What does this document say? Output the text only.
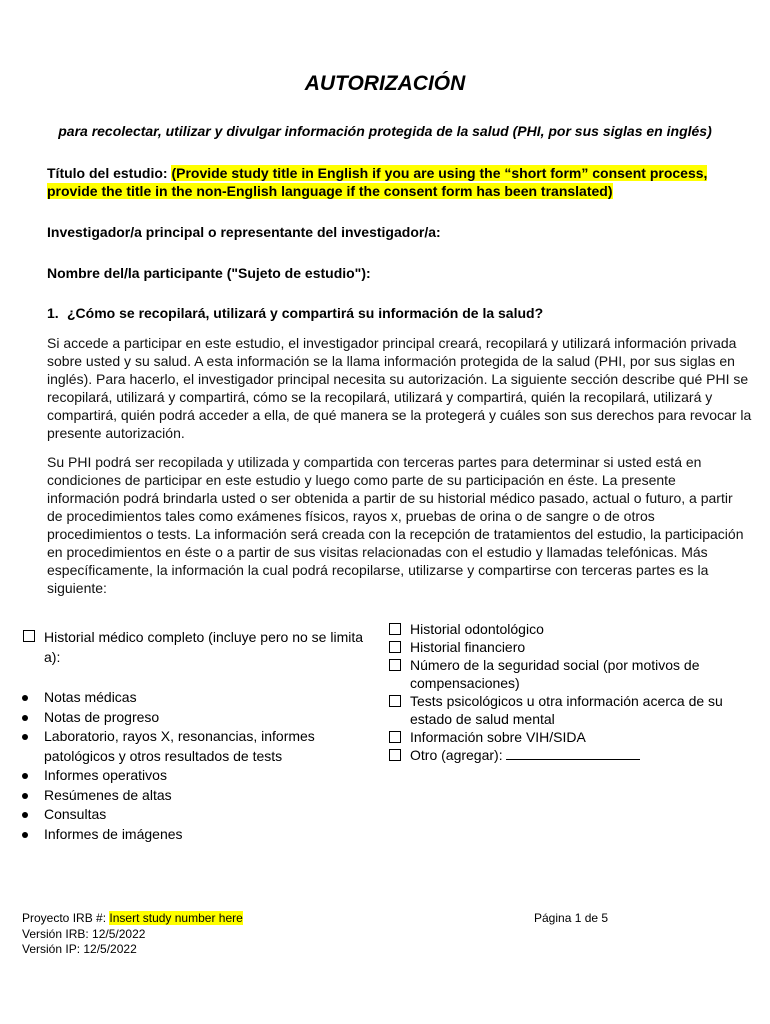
AUTORIZACIÓN
para recolectar, utilizar y divulgar información protegida de la salud (PHI, por sus siglas en inglés)
Título del estudio: (Provide study title in English if you are using the “short form” consent process, provide the title in the non-English language if the consent form has been translated)
Investigador/a principal o representante del investigador/a:
Nombre del/la participante ("Sujeto de estudio"):
1. ¿Cómo se recopilará, utilizará y compartirá su información de la salud?
Si accede a participar en este estudio, el investigador principal creará, recopilará y utilizará información privada sobre usted y su salud. A esta información se la llama información protegida de la salud (PHI, por sus siglas en inglés). Para hacerlo, el investigador principal necesita su autorización. La siguiente sección describe qué PHI se recopilará, utilizará y compartirá, cómo se la recopilará, utilizará y compartirá, quién la recopilará, utilizará y compartirá, quién podrá acceder a ella, de qué manera se la protegerá y cuáles son sus derechos para revocar la presente autorización.
Su PHI podrá ser recopilada y utilizada y compartida con terceras partes para determinar si usted está en condiciones de participar en este estudio y luego como parte de su participación en éste. La presente información podrá brindarla usted o ser obtenida a partir de su historial médico pasado, actual o futuro, a partir de procedimientos tales como exámenes físicos, rayos x, pruebas de orina o de sangre o de otros procedimientos o tests. La información será creada con la recepción de tratamientos del estudio, la participación en procedimientos en éste o a partir de sus visitas relacionadas con el estudio y llamadas telefónicas. Más específicamente, la información la cual podrá recopilarse, utilizarse y compartirse con terceras partes es la siguiente:
Historial médico completo (incluye pero no se limita a):
Notas médicas
Notas de progreso
Laboratorio, rayos X, resonancias, informes patológicos y otros resultados de tests
Informes operativos
Resúmenes de altas
Consultas
Informes de imágenes
Historial odontológico
Historial financiero
Número de la seguridad social (por motivos de compensaciones)
Tests psicológicos u otra información acerca de su estado de salud mental
Información sobre VIH/SIDA
Otro (agregar):
Proyecto IRB #: Insert study number here
Versión IRB: 12/5/2022
Versión IP: 12/5/2022
Página 1 de 5
